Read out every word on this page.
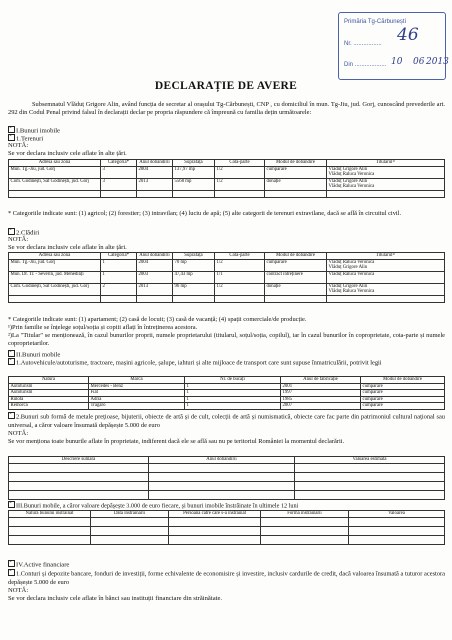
Primăria Tg-Cărbunești
Nr. .................
Din ...................
46
10 06 2013
DECLARAȚIE DE AVERE
Subsemnatul Vlăduț Grigore Alin, având funcția de secretar al orașului Tg-Cărbunești, CNP , cu domiciliul în mun. Tg-Jiu, jud. Gorj, cunoscând prevederile art. 292 din Codul Penal privind falsul în declarații declar pe propria răspundere că împreună cu familia dețin următoarele:
-I.Bunuri imobile
-1.Terenuri
NOTĂ:
Se vor declara inclusiv cele aflate în alte țări.
Adresa sau zona	Categoria*	Anul dobândirii	Suprafața	Cota-parte	Modul de dobândire	Titularul¹⁾
Mun. Tg.-Jiu, jud. Gorj	3	2004	137,97 mp	1/2	cumpărare	Vlăduț Grigore Alin
Vlăduț Raluca Veronica
Com. Godinești, Sat Godinești, jud. Gorj	3	2013	5568 mp	1/2	donație	Vlăduț Grigore Alin
Vlăduț Raluca Veronica

* Categoriile indicate sunt: (1) agricol; (2) forestier; (3) intravilan; (4) luciu de apă; (5) alte categorii de terenuri extravilane, dacă se află în circuitul civil.
-2.Clădiri
NOTĂ:
Se vor declara inclusiv cele aflate în alte țări.
Adresa sau zona	Categoria*	Anul dobândirii	Suprafața	Cota-parte	Modul de dobândire	Titularul²⁾
Mun. Tg.-Jiu, jud. Gorj	1	2004	70 mp	1/2	cumpărare	Vlăduț Raluca Veronica
Vlăduț Grigore Alin
Mun. Dr. Tr. - Severin, jud. Mehedinți	1	2003	47,43 mp	1/1	contract întreținere	Vlăduț Raluca Veronica
Com. Godinești, Sat Godinești, jud. Gorj	2	2013	96 mp	1/2	donație	Vlăduț Grigore Alin
Vlăduț Raluca Veronica

* Categoriile indicate sunt: (1) apartament; (2) casă de locuit; (3) casă de vacanță; (4) spații comerciale/de producție.
¹)Prin familie se înțelege soțul/soția și copiii aflați în întreținerea acestora.
²)La "Titular" se menționează, în cazul bunurilor proprii, numele proprietarului (titularul, soțul/soția, copilul), iar în cazul bunurilor în coproprietate, cota-parte și numele coproprietarilor.
-II.Bunuri mobile
-1.Autovehicule/autoturisme, tractoare, mașini agricole, șalupe, iahturi și alte mijloace de transport care sunt supuse înmatriculării, potrivit legii
Natura	Marca	Nr. de bucăți	Anul de fabricație	Modul de dobândire
Autoturism	Mercedes - Benz	1	2001	cumpărare
Autoturism	Fiat	1	1997	cumpărare
Rulotă	Adria	1	1985	cumpărare
Remorcă	Tragaro	1	2007	cumpărare
-2.Bunuri sub formă de metale prețioase, bijuterii, obiecte de artă și de cult, colecții de artă și numismatică, obiecte care fac parte din patrimoniul cultural național sau universal, a căror valoare însumată depășește 5.000 de euro
NOTĂ:
Se vor menționa toate bunurile aflate în proprietate, indiferent dacă ele se află sau nu pe teritoriul României la momentul declarării.
Descriere sumară	Anul dobândirii	Valoarea estimată

-III.Bunuri mobile, a căror valoare depășește 3.000 de euro fiecare, și bunuri imobile înstrăinate în ultimele 12 luni
Natura bunului înstrăinat	Data înstrăinării	Persoana către care s-a înstrăinat	Forma înstrăinării	Valoarea

-IV.Active financiare
-1.Conturi și depozite bancare, fonduri de investiții, forme echivalente de economisire și investire, inclusiv cardurile de credit, dacă valoarea însumată a tuturor acestora depășește 5.000 de euro
NOTĂ:
Se vor declara inclusiv cele aflate în bănci sau instituții financiare din străinătate.
